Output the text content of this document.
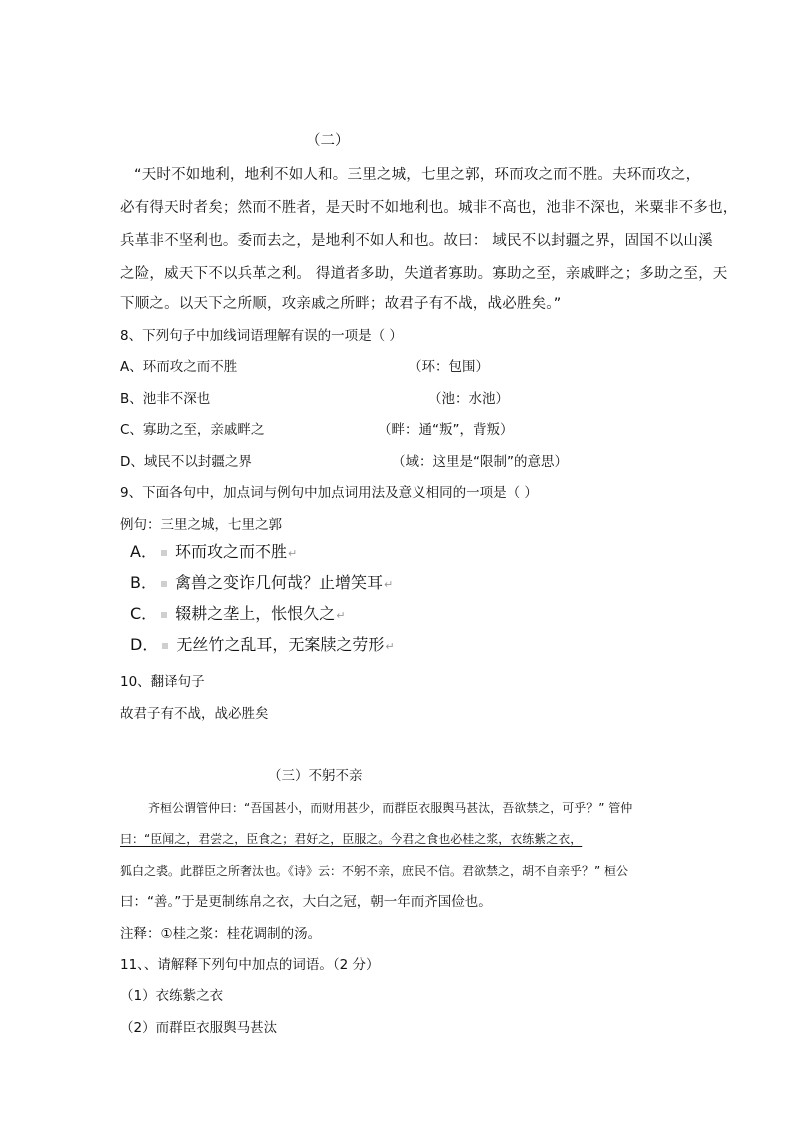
（二）
“天时不如地利，地利不如人和。三里之城，七里之郭，环而攻之而不胜。夫环而攻之，
必有得天时者矣；然而不胜者，是天时不如地利也。城非不高也，池非不深也，米粟非不多也，
兵革非不坚利也。委而去之，是地利不如人和也。故曰： 域民不以封疆之界，固国不以山溪
之险，威天下不以兵革之利。 得道者多助，失道者寡助。寡助之至，亲戚畔之；多助之至，天
下顺之。以天下之所顺，攻亲戚之所畔；故君子有不战，战必胜矣。”
8、下列句子中加线词语理解有误的一项是（ ）
A、环而攻之而不胜	（环：包围）
B、池非不深也	（池：水池）
C、寡助之至，亲戚畔之	（畔：通“叛”，背叛）
D、域民不以封疆之界	（域：这里是“限制”的意思）
9、下面各句中，加点词与例句中加点词用法及意义相同的一项是（ ）
例句：三里之城，七里之郭
A． 环而攻之而不胜↵
B． 禽兽之变诈几何哉？止增笑耳↵
C． 辍耕之垄上，怅恨久之↵
D． 无丝竹之乱耳，无案牍之劳形↵
10、翻译句子
故君子有不战，战必胜矣
（三）不躬不亲
齐桓公谓管仲曰：“吾国甚小，而财用甚少，而群臣衣服舆马甚汰，吾欲禁之，可乎？” 管仲
曰：“臣闻之，君尝之，臣食之；君好之，臣服之。今君之食也必桂之浆，衣练紫之衣，
狐白之裘。此群臣之所奢汰也。《诗》云：不躬不亲，庶民不信。君欲禁之，胡不自亲乎？” 桓公
曰：“善。”于是更制练帛之衣，大白之冠，朝一年而齐国俭也。
注释：①桂之浆：桂花调制的汤。
11、、请解释下列句中加点的词语。（2 分）
（1）衣练紫之衣
（2）而群臣衣服舆马甚汰
